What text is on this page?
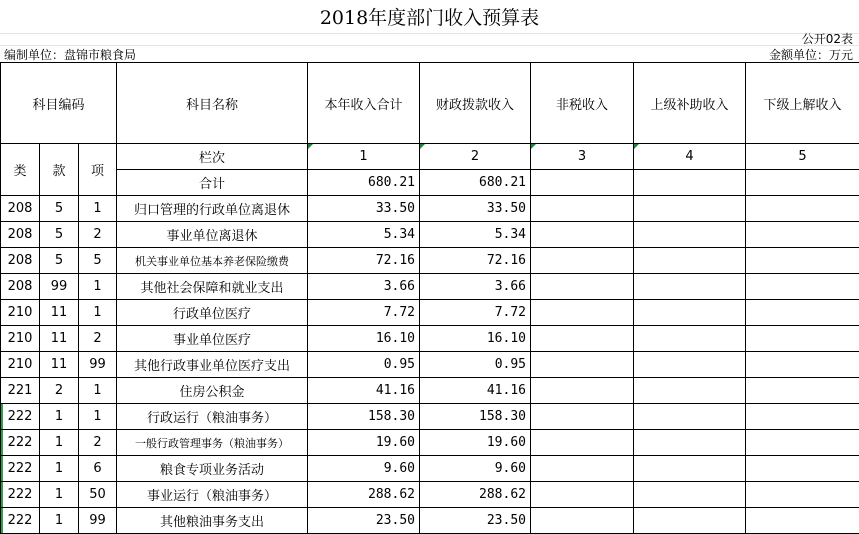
2018年度部门收入预算表
公开02表
编制单位：盘锦市粮食局	金额单位：万元
科目编码			科目名称	本年收入合计	财政拨款收入	非税收入	上级补助收入	下级上解收入
类	款	项	栏次	1	2	3	4	5
			合计	680.21	680.21			
208	5	1	归口管理的行政单位离退休	33.50	33.50			
208	5	2	事业单位离退休	5.34	5.34			
208	5	5	机关事业单位基本养老保险缴费	72.16	72.16			
208	99	1	其他社会保障和就业支出	3.66	3.66			
210	11	1	行政单位医疗	7.72	7.72			
210	11	2	事业单位医疗	16.10	16.10			
210	11	99	其他行政事业单位医疗支出	0.95	0.95			
221	2	1	住房公积金	41.16	41.16			
222	1	1	行政运行（粮油事务）	158.30	158.30			
222	1	2	一般行政管理事务（粮油事务）	19.60	19.60			
222	1	6	粮食专项业务活动	9.60	9.60			
222	1	50	事业运行（粮油事务）	288.62	288.62			
222	1	99	其他粮油事务支出	23.50	23.50			
